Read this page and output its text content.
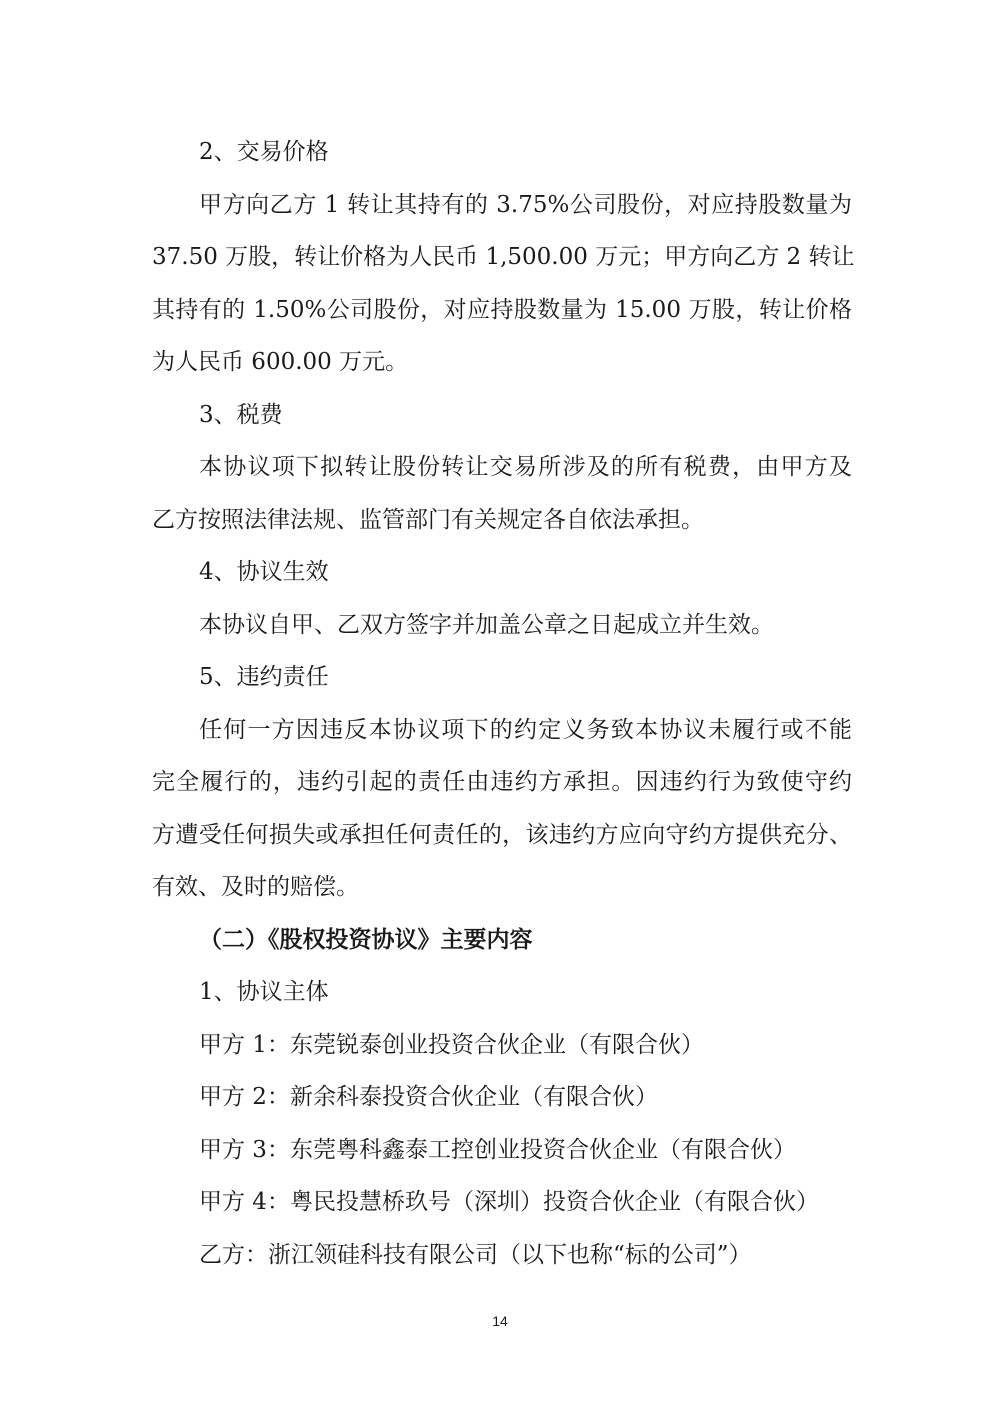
2、交易价格
甲方向乙方 1 转让其持有的 3.75%公司股份，对应持股数量为
37.50 万股，转让价格为人民币 1,500.00 万元；甲方向乙方 2 转让
其持有的 1.50%公司股份，对应持股数量为 15.00 万股，转让价格
为人民币 600.00 万元。
3、税费
本协议项下拟转让股份转让交易所涉及的所有税费，由甲方及
乙方按照法律法规、监管部门有关规定各自依法承担。
4、协议生效
本协议自甲、乙双方签字并加盖公章之日起成立并生效。
5、违约责任
任何一方因违反本协议项下的约定义务致本协议未履行或不能
完全履行的，违约引起的责任由违约方承担。因违约行为致使守约
方遭受任何损失或承担任何责任的，该违约方应向守约方提供充分、
有效、及时的赔偿。
（二）《股权投资协议》主要内容
1、协议主体
甲方 1：东莞锐泰创业投资合伙企业（有限合伙）
甲方 2：新余科泰投资合伙企业（有限合伙）
甲方 3：东莞粤科鑫泰工控创业投资合伙企业（有限合伙）
甲方 4：粤民投慧桥玖号（深圳）投资合伙企业（有限合伙）
乙方：浙江领硅科技有限公司（以下也称“标的公司”）
14
